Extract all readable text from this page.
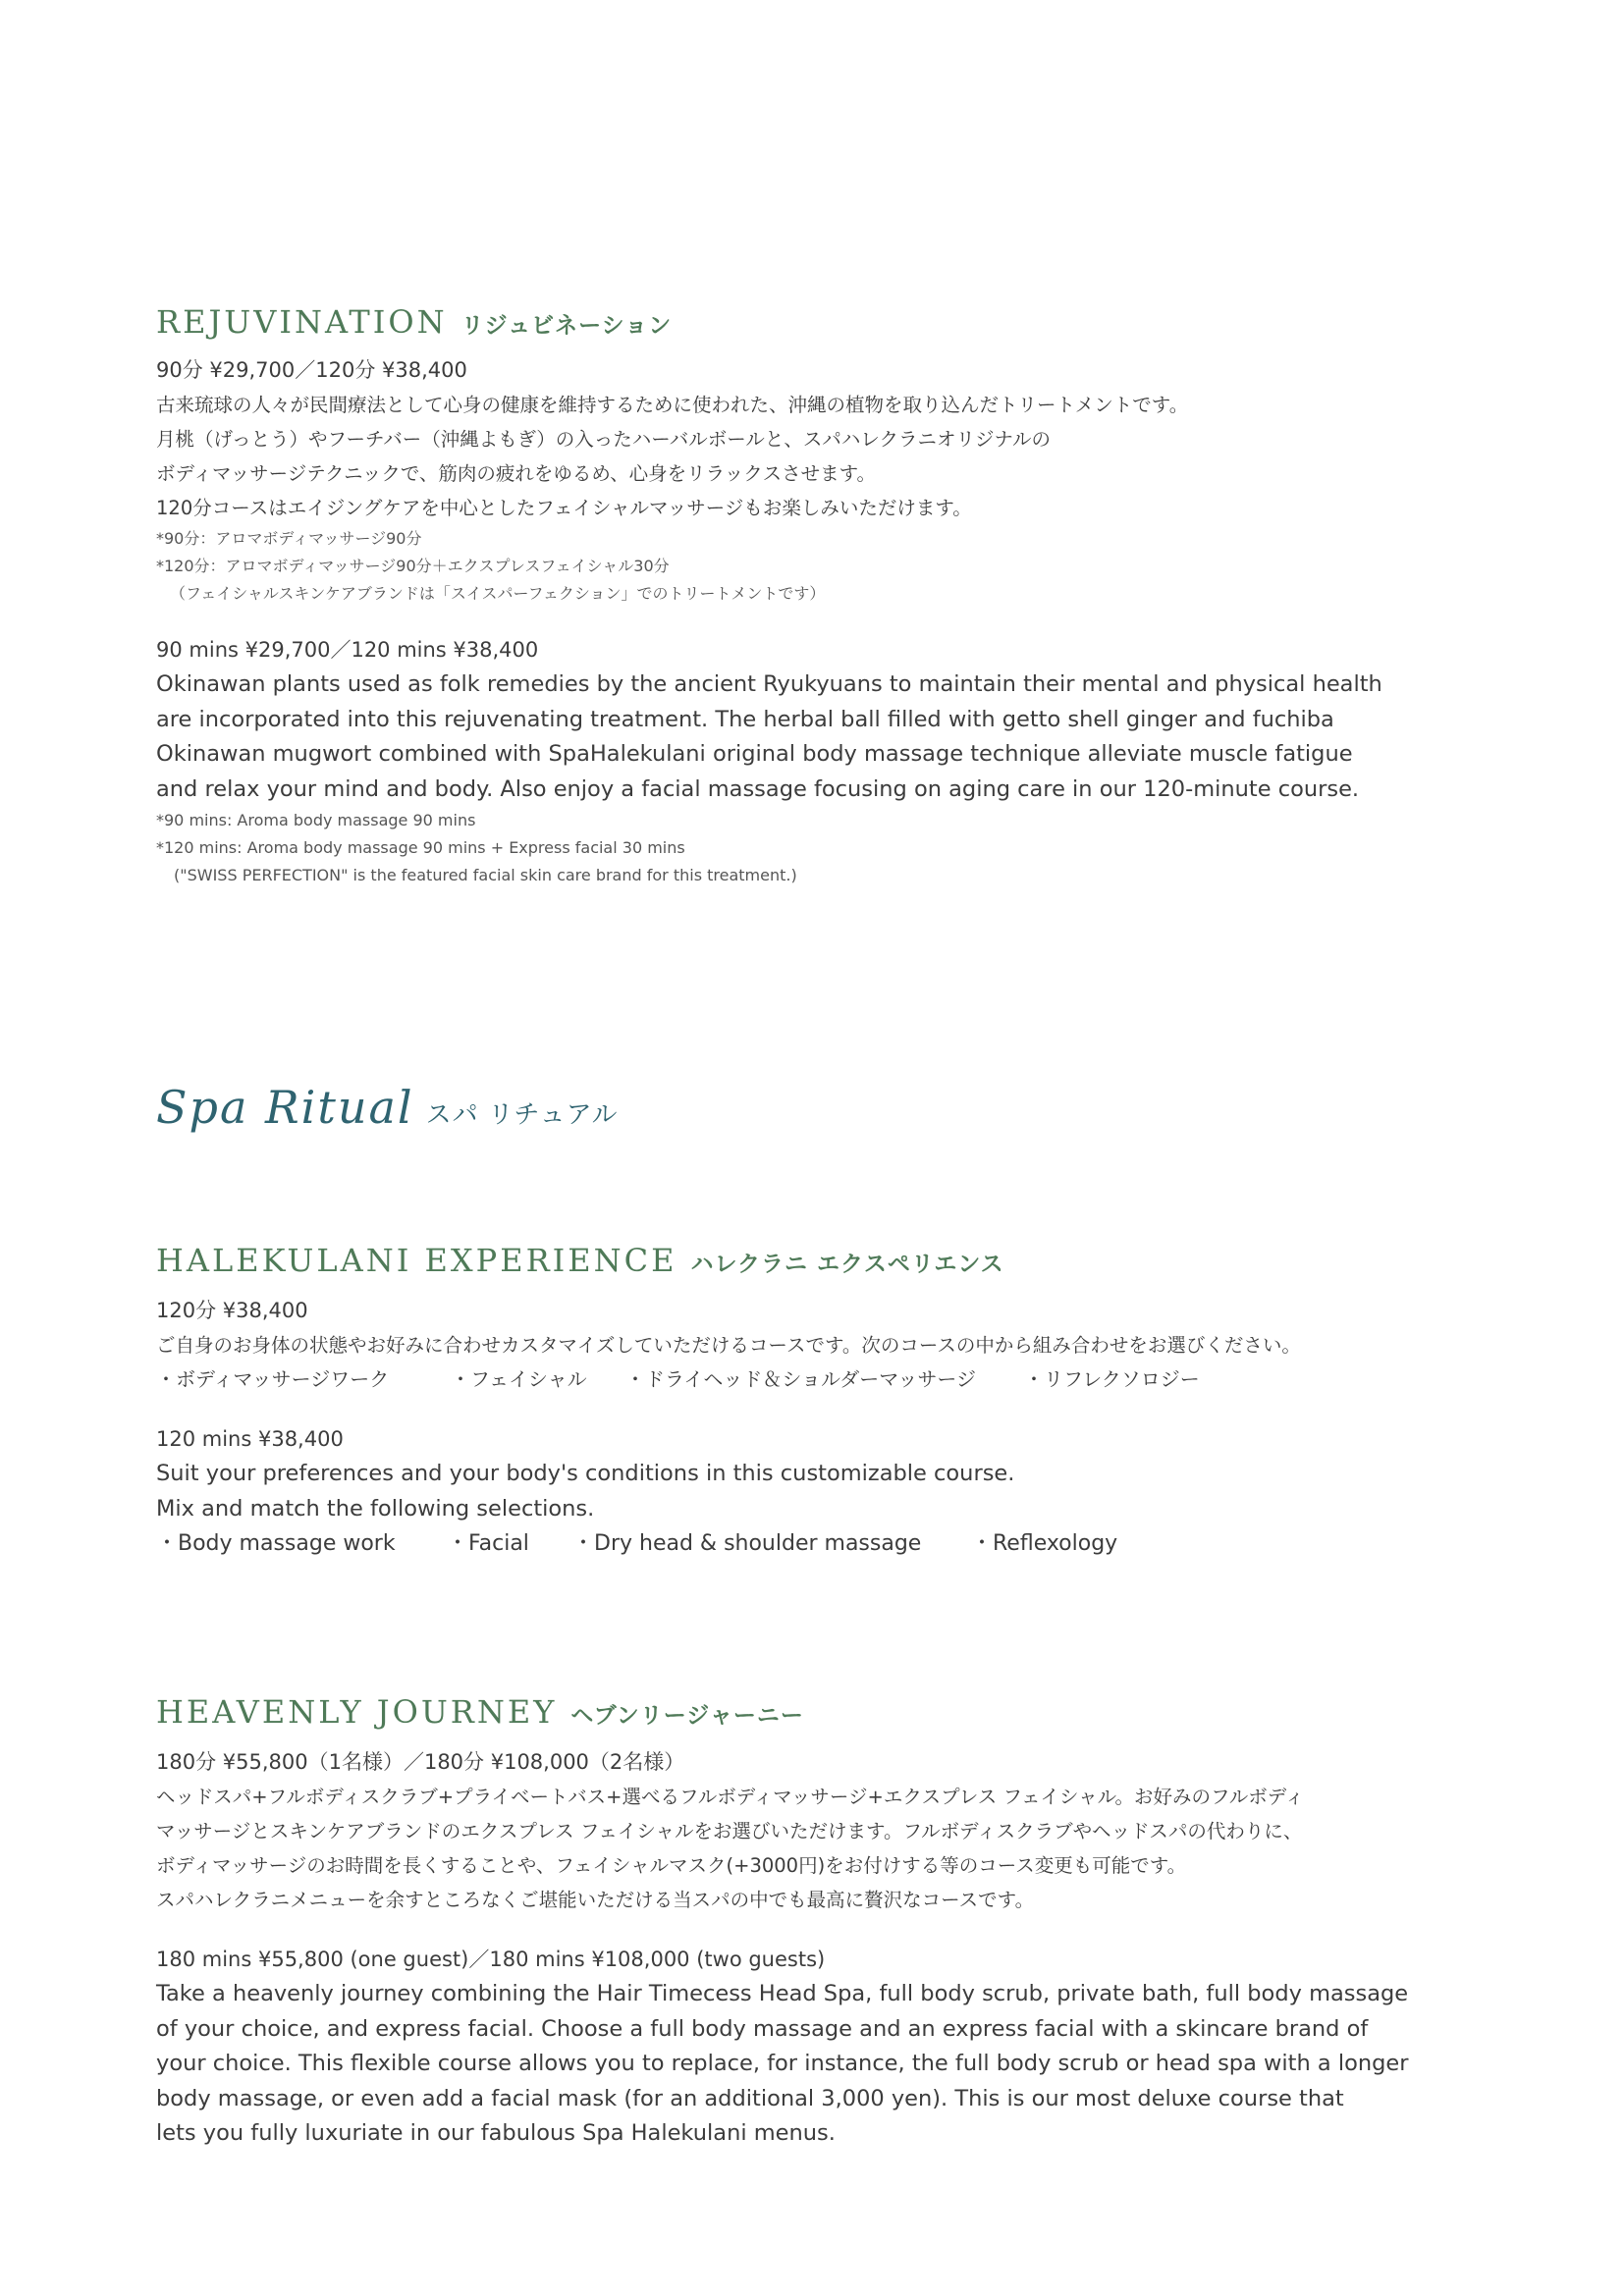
REJUVINATION リジュビネーション
90分 ¥29,700／120分 ¥38,400
古来琉球の人々が民間療法として心身の健康を維持するために使われた、沖縄の植物を取り込んだトリートメントです。
月桃（げっとう）やフーチバー（沖縄よもぎ）の入ったハーバルボールと、スパハレクラニオリジナルの
ボディマッサージテクニックで、筋肉の疲れをゆるめ、心身をリラックスさせます。
120分コースはエイジングケアを中心としたフェイシャルマッサージもお楽しみいただけます。
*90分：アロマボディマッサージ90分
*120分：アロマボディマッサージ90分＋エクスプレスフェイシャル30分
（フェイシャルスキンケアブランドは「スイスパーフェクション」でのトリートメントです）
90 mins ¥29,700／120 mins ¥38,400
Okinawan plants used as folk remedies by the ancient Ryukyuans to maintain their mental and physical health
are incorporated into this rejuvenating treatment. The herbal ball filled with getto shell ginger and fuchiba
Okinawan mugwort combined with SpaHalekulani original body massage technique alleviate muscle fatigue
and relax your mind and body. Also enjoy a facial massage focusing on aging care in our 120-minute course.
*90 mins: Aroma body massage 90 mins
*120 mins: Aroma body massage 90 mins + Express facial 30 mins
("SWISS PERFECTION" is the featured facial skin care brand for this treatment.)
Spa Ritual スパ リチュアル
HALEKULANI EXPERIENCE ハレクラニ エクスペリエンス
120分 ¥38,400
ご自身のお身体の状態やお好みに合わせカスタマイズしていただけるコースです。次のコースの中から組み合わせをお選びください。
・ボディマッサージワーク	・フェイシャル	・ドライヘッド＆ショルダーマッサージ	・リフレクソロジー
120 mins ¥38,400
Suit your preferences and your body's conditions in this customizable course.
Mix and match the following selections.
・Body massage work	・Facial	・Dry head & shoulder massage	・Reflexology
HEAVENLY JOURNEY ヘブンリージャーニー
180分 ¥55,800（1名様）／180分 ¥108,000（2名様）
ヘッドスパ+フルボディスクラブ+プライベートバス+選べるフルボディマッサージ+エクスプレス フェイシャル。お好みのフルボディ
マッサージとスキンケアブランドのエクスプレス フェイシャルをお選びいただけます。フルボディスクラブやヘッドスパの代わりに、
ボディマッサージのお時間を長くすることや、フェイシャルマスク(+3000円)をお付けする等のコース変更も可能です。
スパハレクラニメニューを余すところなくご堪能いただける当スパの中でも最高に贅沢なコースです。
180 mins ¥55,800 (one guest)／180 mins ¥108,000 (two guests)
Take a heavenly journey combining the Hair Timecess Head Spa, full body scrub, private bath, full body massage
of your choice, and express facial. Choose a full body massage and an express facial with a skincare brand of
your choice. This flexible course allows you to replace, for instance, the full body scrub or head spa with a longer
body massage, or even add a facial mask (for an additional 3,000 yen). This is our most deluxe course that
lets you fully luxuriate in our fabulous Spa Halekulani menus.
